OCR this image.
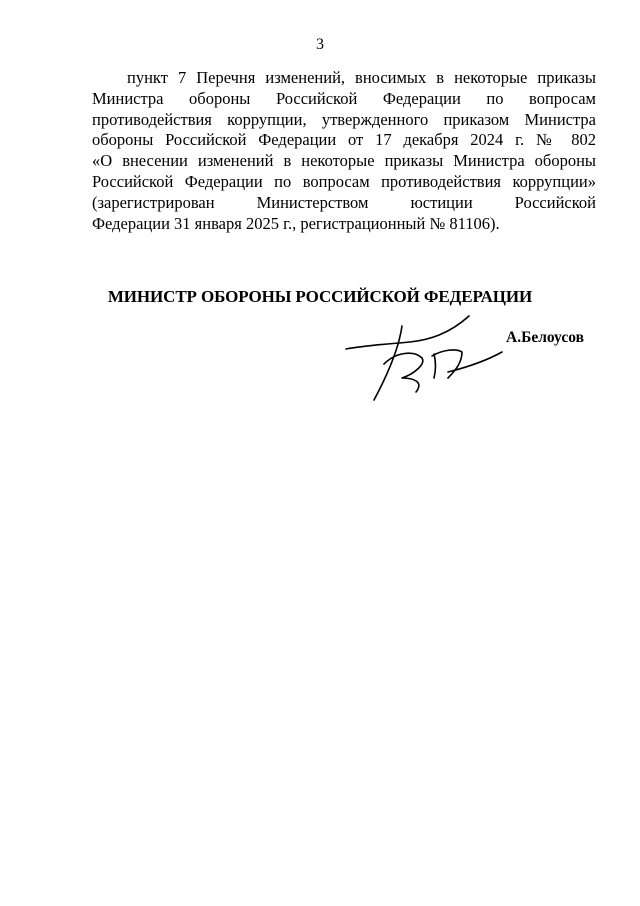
3
пункт 7 Перечня изменений, вносимых в некоторые приказы
Министра обороны Российской Федерации по вопросам
противодействия коррупции, утвержденного приказом Министра
обороны Российской Федерации от 17 декабря 2024 г. № 802
«О внесении изменений в некоторые приказы Министра обороны
Российской Федерации по вопросам противодействия коррупции»
(зарегистрирован Министерством юстиции Российской
Федерации 31 января 2025 г., регистрационный № 81106).
МИНИСТР ОБОРОНЫ РОССИЙСКОЙ ФЕДЕРАЦИИ
А.Белоусов
